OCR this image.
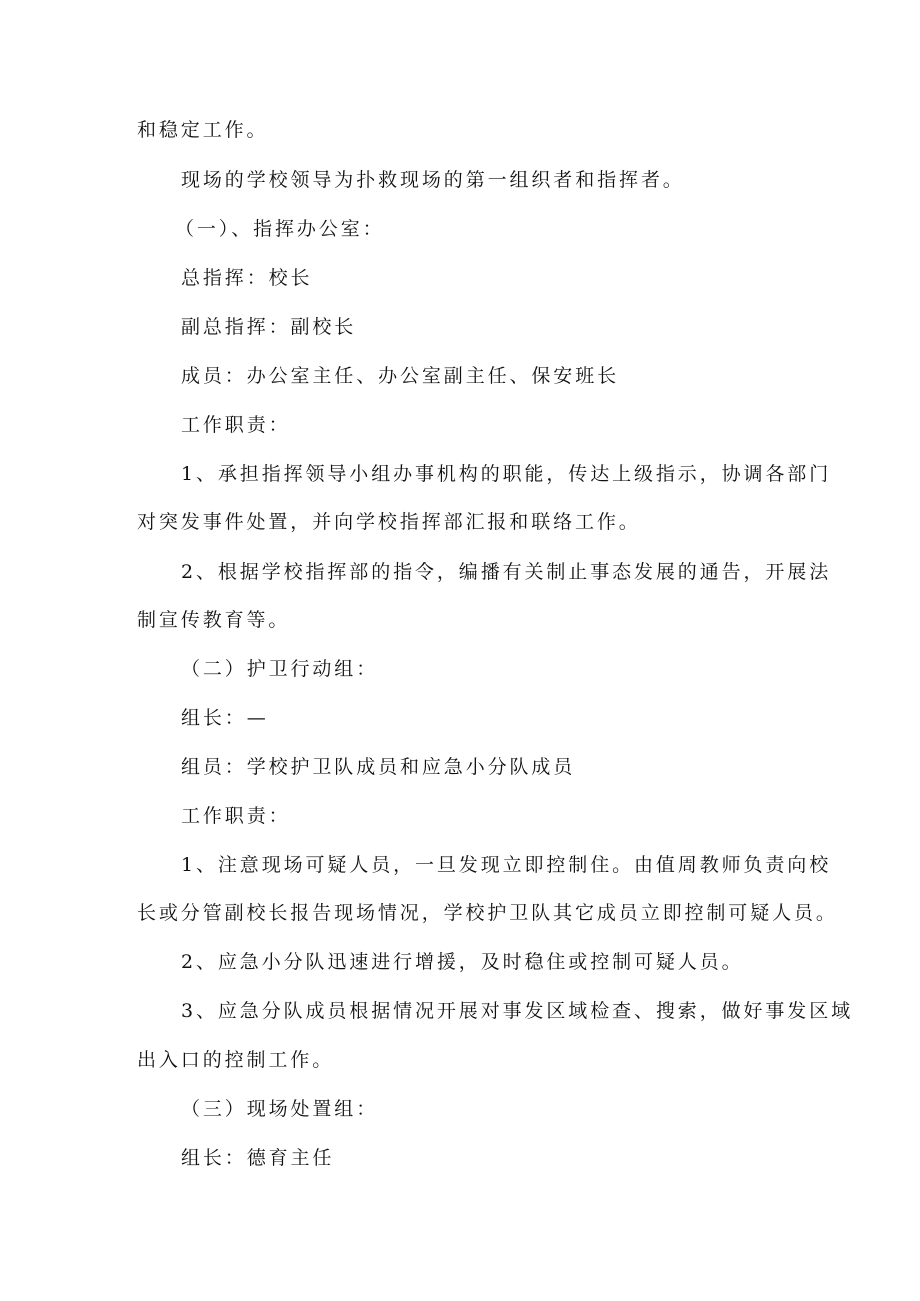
和稳定工作。

现场的学校领导为扑救现场的第一组织者和指挥者。

（一）、指挥办公室：

总指挥：校长

副总指挥：副校长

成员：办公室主任、办公室副主任、保安班长

工作职责：

1、承担指挥领导小组办事机构的职能，传达上级指示，协调各部门

对突发事件处置，并向学校指挥部汇报和联络工作。

2、根据学校指挥部的指令，编播有关制止事态发展的通告，开展法

制宣传教育等。

（二）护卫行动组：

组长：—

组员：学校护卫队成员和应急小分队成员

工作职责：

1、注意现场可疑人员，一旦发现立即控制住。由值周教师负责向校

长或分管副校长报告现场情况，学校护卫队其它成员立即控制可疑人员。

2、应急小分队迅速进行增援，及时稳住或控制可疑人员。

3、应急分队成员根据情况开展对事发区域检查、搜索，做好事发区域

出入口的控制工作。

（三）现场处置组：

组长：德育主任
